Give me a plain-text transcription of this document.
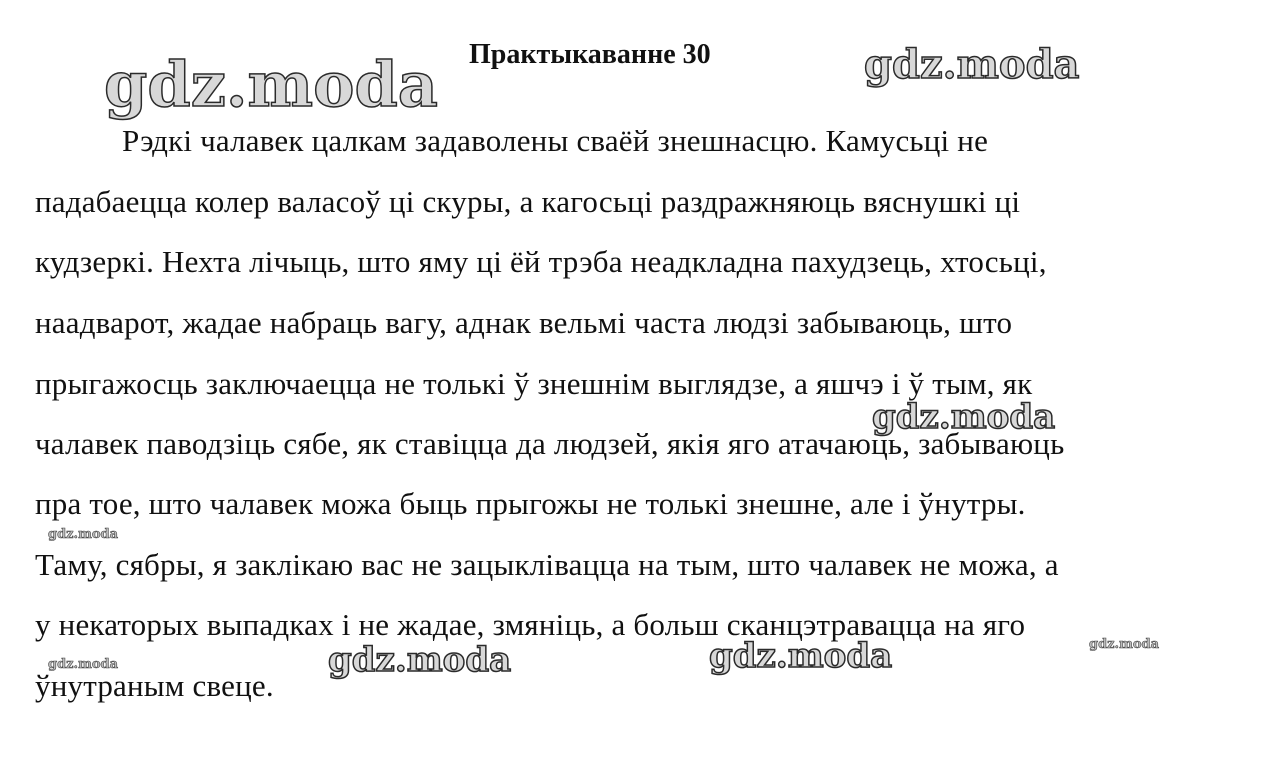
Практыкаванне 30
Рэдкі чалавек цалкам задаволены сваёй знешнасцю. Камусьці не
падабаецца колер валасоў ці скуры, а кагосьці раздражняюць вяснушкі ці
кудзеркі. Нехта лічыць, што яму ці ёй трэба неадкладна пахудзець, хтосьці,
наадварот, жадае набраць вагу, аднак вельмі часта людзі забываюць, што
прыгажосць заключаецца не толькі ў знешнім выглядзе, а яшчэ і ў тым, як
чалавек паводзіць сябе, як ставіцца да людзей, якія яго атачаюць, забываюць
пра тое, што чалавек можа быць прыгожы не толькі знешне, але і ўнутры.
Таму, сябры, я заклікаю вас не зацыклівацца на тым, што чалавек не можа, а
у некаторых выпадках і не жадае, змяніць, а больш сканцэтравацца на яго
ўнутраным свеце.
gdz.moda	gdz.moda
gdz.moda
gdz.moda
gdz.moda	gdz.moda	gdz.moda	gdz.moda
